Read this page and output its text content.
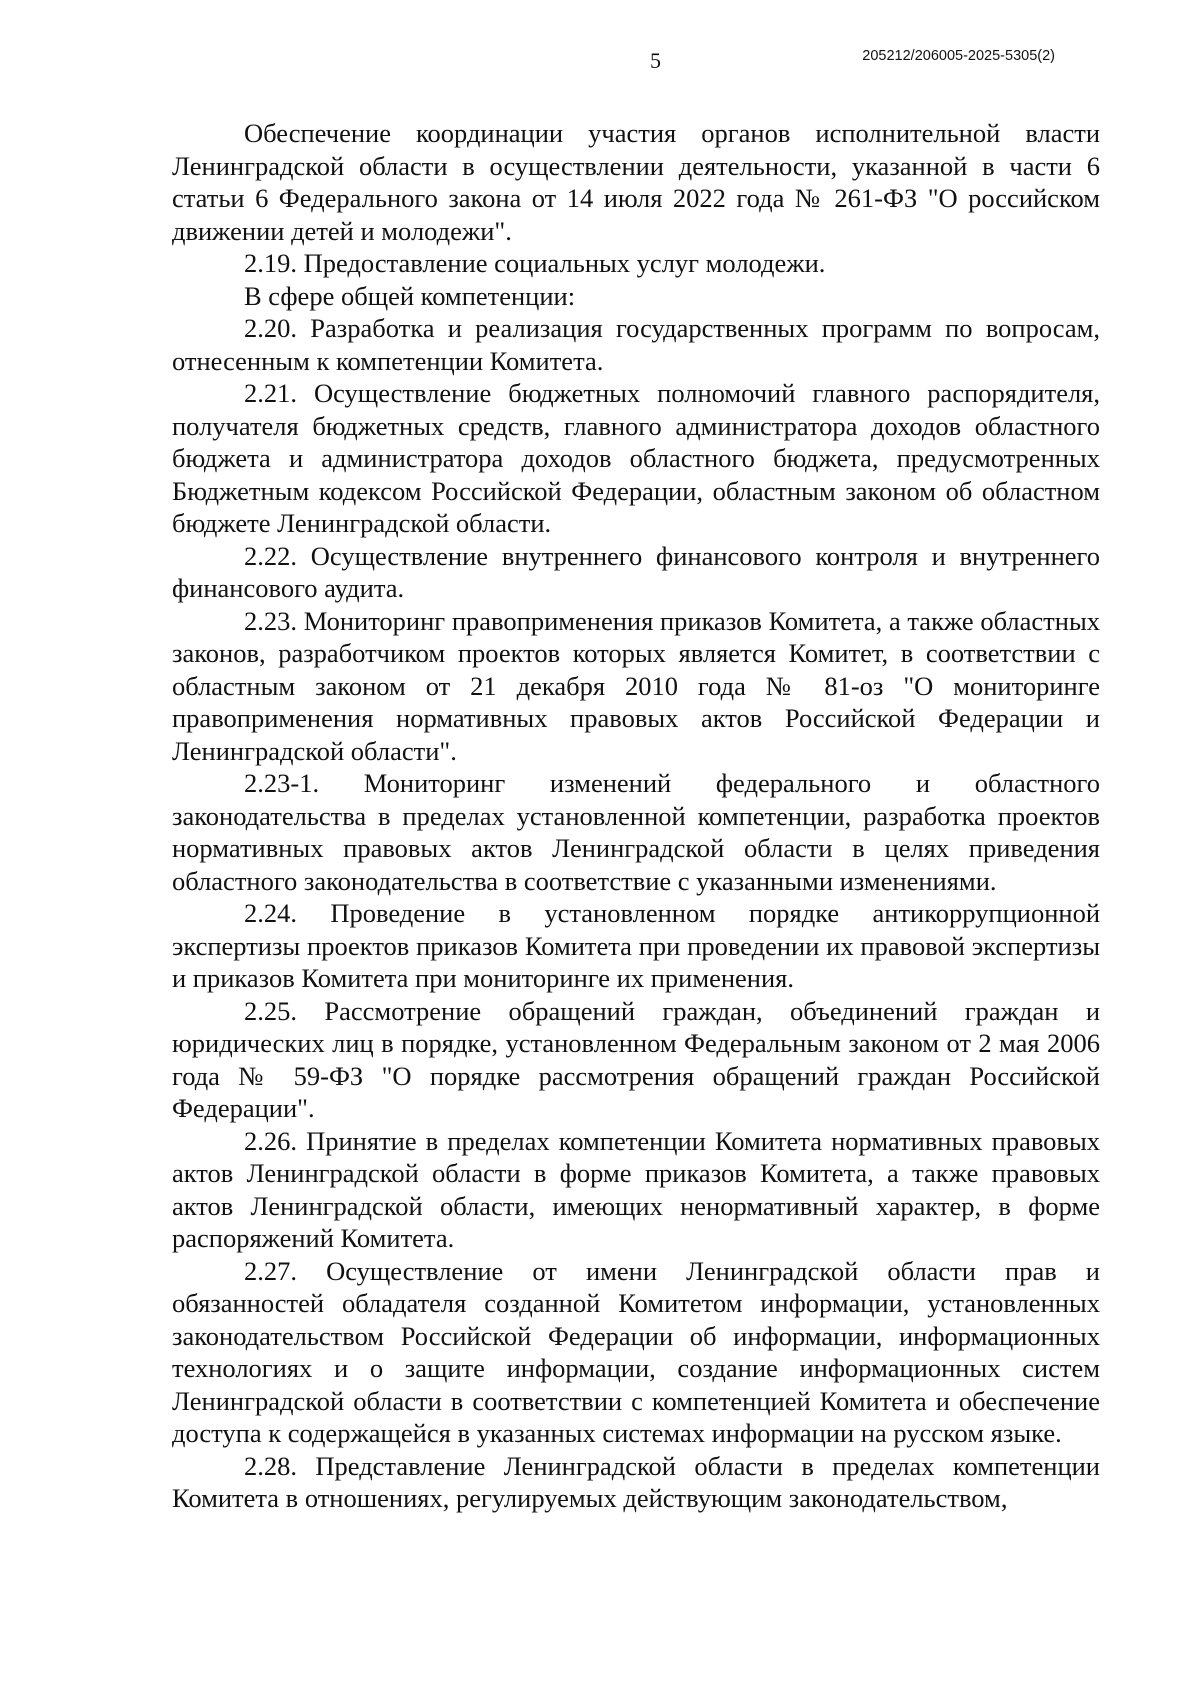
5	205212/206005-2025-5305(2)

Обеспечение координации участия органов исполнительной власти Ленинградской области в осуществлении деятельности, указанной в части 6 статьи 6 Федерального закона от 14 июля 2022 года № 261-ФЗ "О российском движении детей и молодежи".

2.19. Предоставление социальных услуг молодежи.

В сфере общей компетенции:

2.20. Разработка и реализация государственных программ по вопросам, отнесенным к компетенции Комитета.

2.21. Осуществление бюджетных полномочий главного распорядителя, получателя бюджетных средств, главного администратора доходов областного бюджета и администратора доходов областного бюджета, предусмотренных Бюджетным кодексом Российской Федерации, областным законом об областном бюджете Ленинградской области.

2.22. Осуществление внутреннего финансового контроля и внутреннего финансового аудита.

2.23. Мониторинг правоприменения приказов Комитета, а также областных законов, разработчиком проектов которых является Комитет, в соответствии с областным законом от 21 декабря 2010 года № 81-оз "О мониторинге правоприменения нормативных правовых актов Российской Федерации и Ленинградской области".

2.23-1. Мониторинг изменений федерального и областного законодательства в пределах установленной компетенции, разработка проектов нормативных правовых актов Ленинградской области в целях приведения областного законодательства в соответствие с указанными изменениями.

2.24. Проведение в установленном порядке антикоррупционной экспертизы проектов приказов Комитета при проведении их правовой экспертизы и приказов Комитета при мониторинге их применения.

2.25. Рассмотрение обращений граждан, объединений граждан и юридических лиц в порядке, установленном Федеральным законом от 2 мая 2006 года № 59-ФЗ "О порядке рассмотрения обращений граждан Российской Федерации".

2.26. Принятие в пределах компетенции Комитета нормативных правовых актов Ленинградской области в форме приказов Комитета, а также правовых актов Ленинградской области, имеющих ненормативный характер, в форме распоряжений Комитета.

2.27. Осуществление от имени Ленинградской области прав и обязанностей обладателя созданной Комитетом информации, установленных законодательством Российской Федерации об информации, информационных технологиях и о защите информации, создание информационных систем Ленинградской области в соответствии с компетенцией Комитета и обеспечение доступа к содержащейся в указанных системах информации на русском языке.

2.28. Представление Ленинградской области в пределах компетенции Комитета в отношениях, регулируемых действующим законодательством,
